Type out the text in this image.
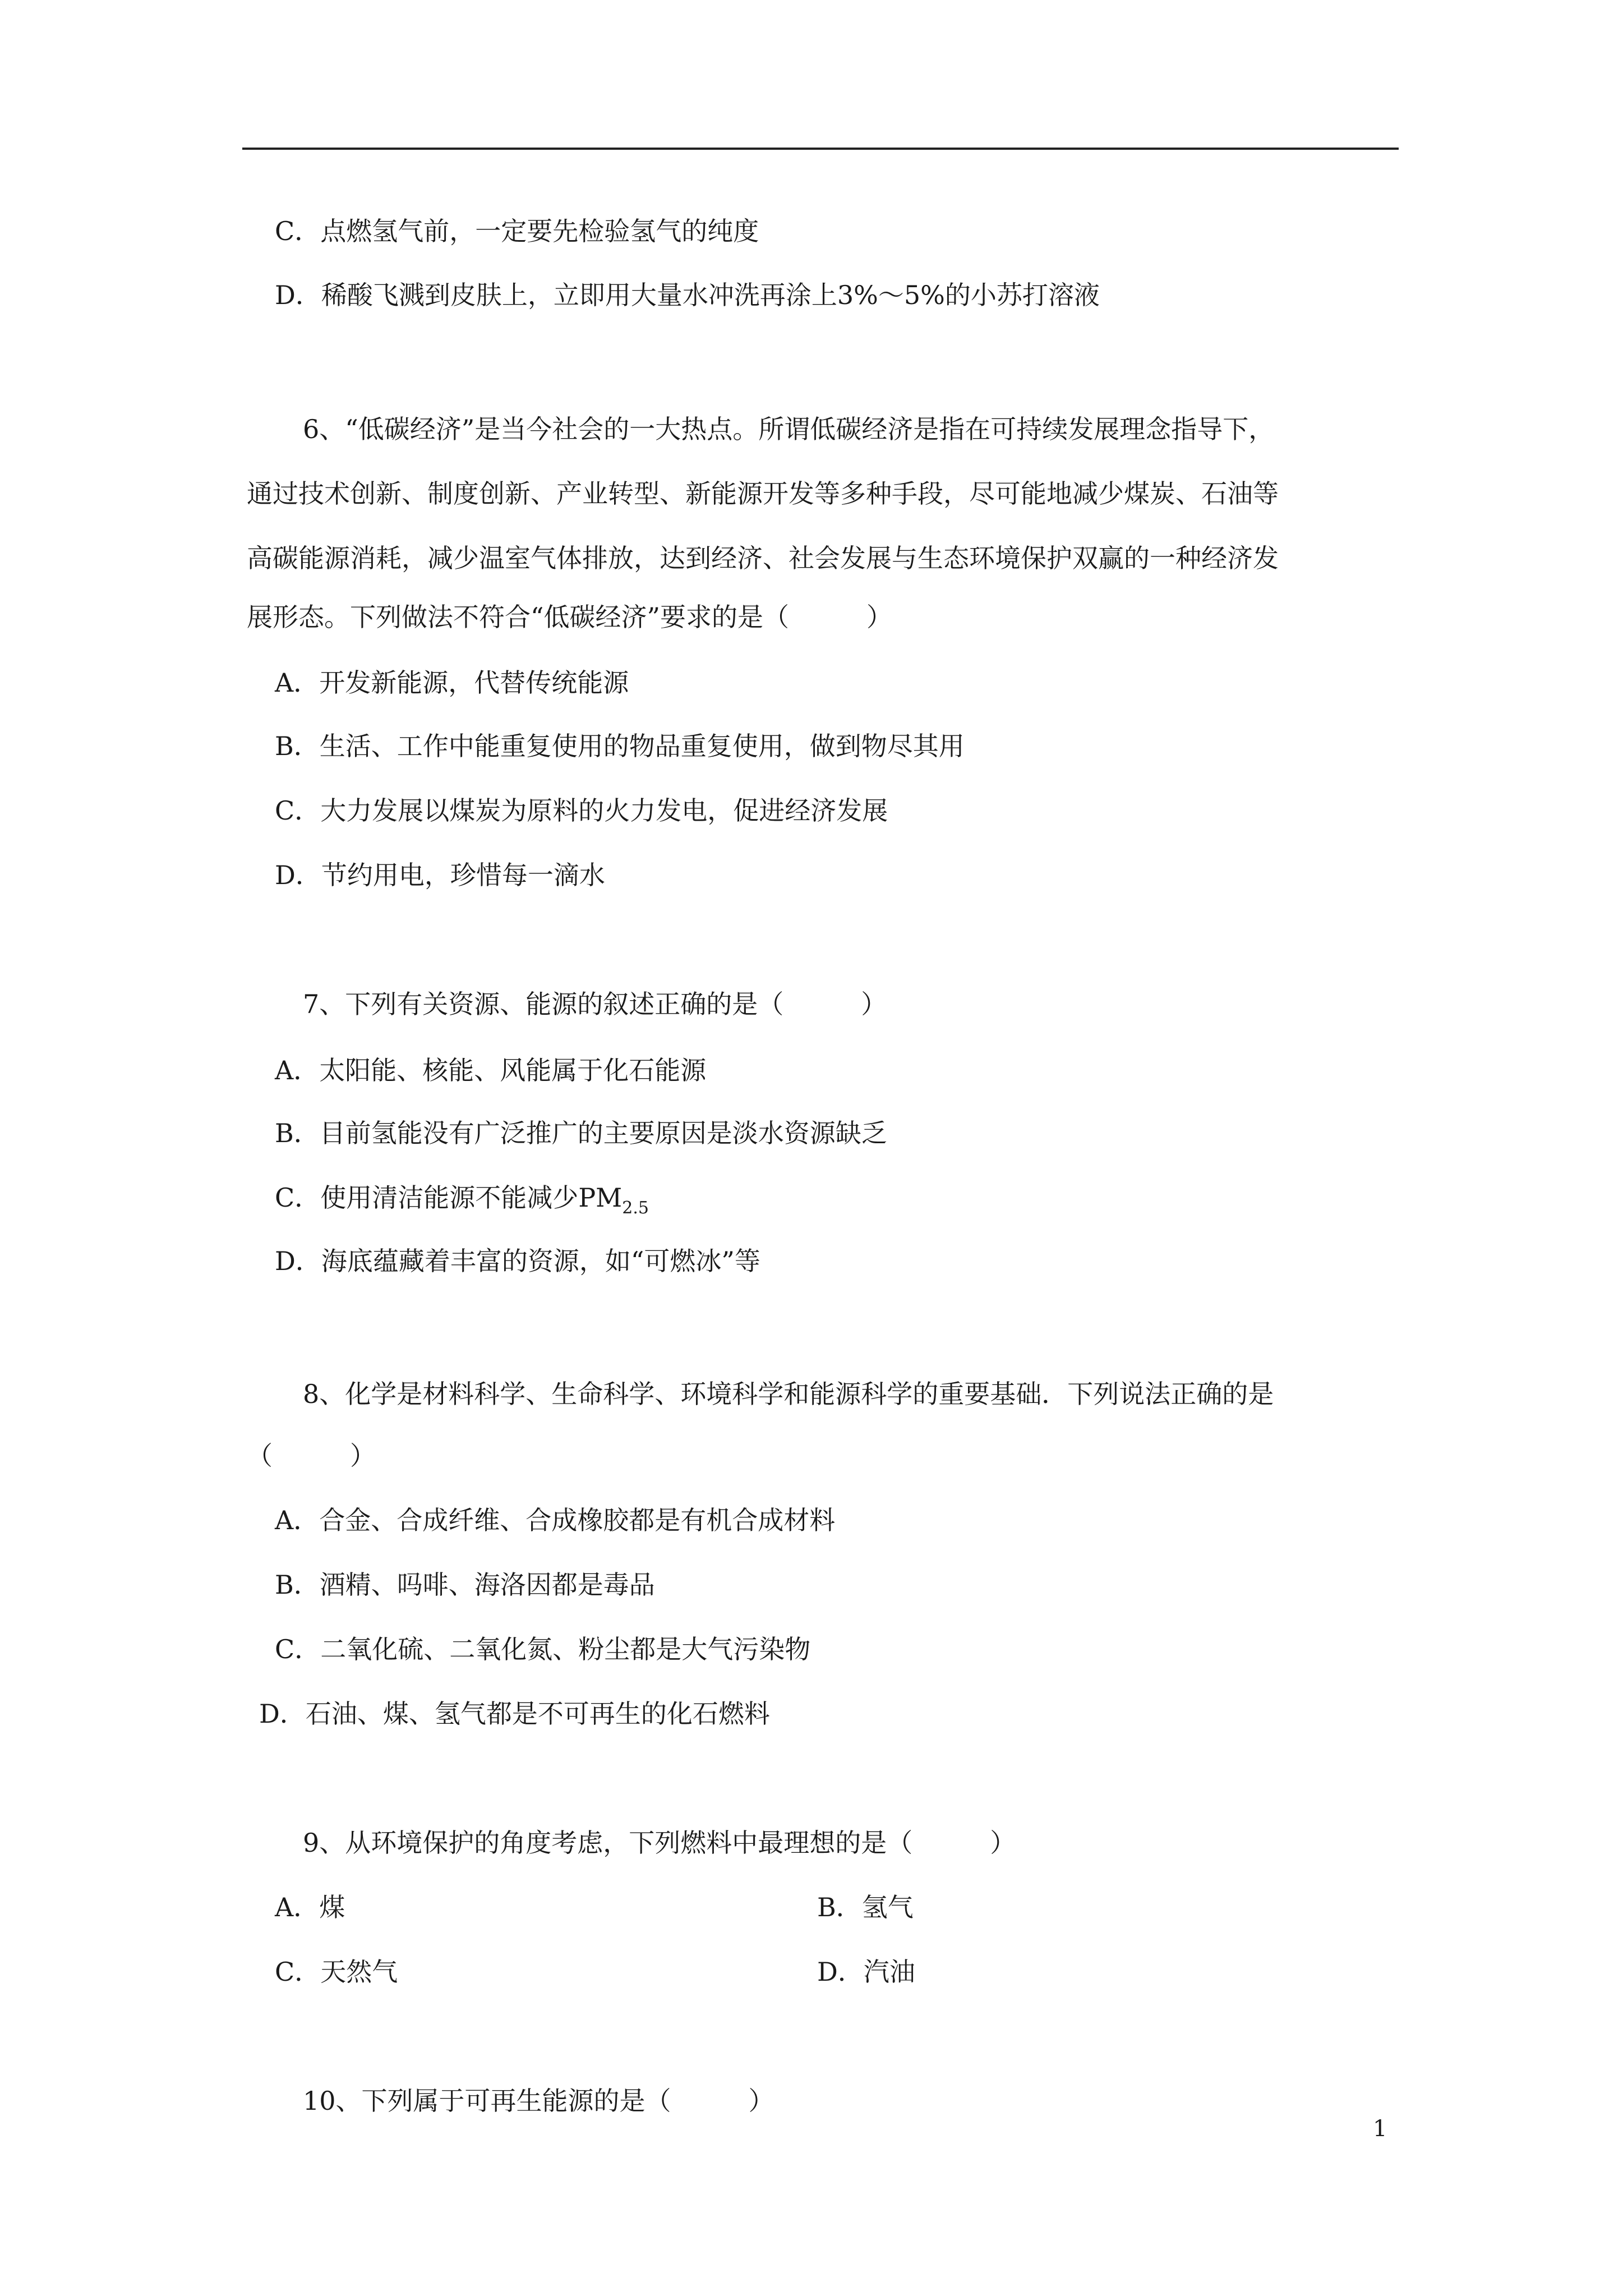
C．点燃氢气前，一定要先检验氢气的纯度
D．稀酸飞溅到皮肤上，立即用大量水冲洗再涂上3%～5%的小苏打溶液
6、“低碳经济”是当今社会的一大热点。所谓低碳经济是指在可持续发展理念指导下，
通过技术创新、制度创新、产业转型、新能源开发等多种手段，尽可能地减少煤炭、石油等
高碳能源消耗，减少温室气体排放，达到经济、社会发展与生态环境保护双赢的一种经济发
展形态。下列做法不符合“低碳经济”要求的是（　　　）
A．开发新能源，代替传统能源
B．生活、工作中能重复使用的物品重复使用，做到物尽其用
C．大力发展以煤炭为原料的火力发电，促进经济发展
D．节约用电，珍惜每一滴水
7、下列有关资源、能源的叙述正确的是（　　　）
A．太阳能、核能、风能属于化石能源
B．目前氢能没有广泛推广的主要原因是淡水资源缺乏
C．使用清洁能源不能减少$PM_{2.5}$
D．海底蕴藏着丰富的资源，如“可燃冰”等
8、化学是材料科学、生命科学、环境科学和能源科学的重要基础．下列说法正确的是
（　　　）
A．合金、合成纤维、合成橡胶都是有机合成材料
B．酒精、吗啡、海洛因都是毒品
C．二氧化硫、二氧化氮、粉尘都是大气污染物
D．石油、煤、氢气都是不可再生的化石燃料
9、从环境保护的角度考虑，下列燃料中最理想的是（　　　）
A．煤	B．氢气
C．天然气	D．汽油
10、下列属于可再生能源的是（　　　）
1
